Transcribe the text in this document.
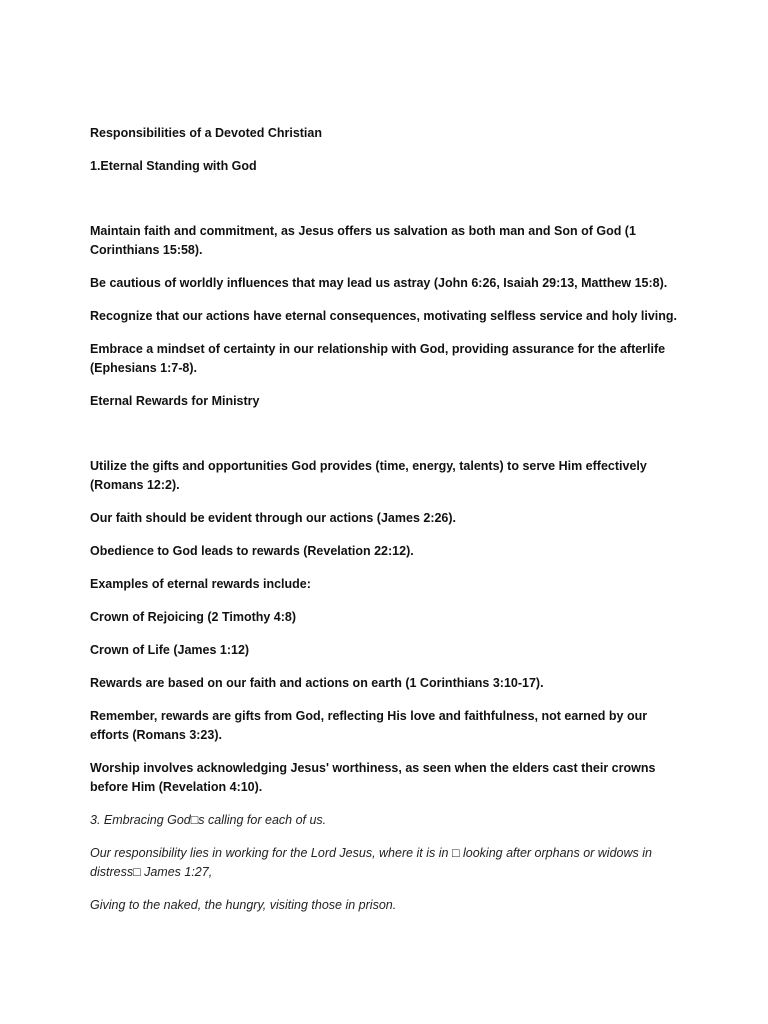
Responsibilities of a Devoted Christian

1.Eternal Standing with God

Maintain faith and commitment, as Jesus offers us salvation as both man and Son of God (1 Corinthians 15:58).

Be cautious of worldly influences that may lead us astray (John 6:26, Isaiah 29:13, Matthew 15:8).

Recognize that our actions have eternal consequences, motivating selfless service and holy living.

Embrace a mindset of certainty in our relationship with God, providing assurance for the afterlife (Ephesians 1:7-8).

Eternal Rewards for Ministry

Utilize the gifts and opportunities God provides (time, energy, talents) to serve Him effectively (Romans 12:2).

Our faith should be evident through our actions (James 2:26).

Obedience to God leads to rewards (Revelation 22:12).

Examples of eternal rewards include:

Crown of Rejoicing (2 Timothy 4:8)

Crown of Life (James 1:12)

Rewards are based on our faith and actions on earth (1 Corinthians 3:10-17).

Remember, rewards are gifts from God, reflecting His love and faithfulness, not earned by our efforts (Romans 3:23).

Worship involves acknowledging Jesus' worthiness, as seen when the elders cast their crowns before Him (Revelation 4:10).

3. Embracing God□s calling for each of us.

Our responsibility lies in working for the Lord Jesus, where it is in □ looking after orphans or widows in distress□ James 1:27,

Giving to the naked, the hungry, visiting those in prison.
